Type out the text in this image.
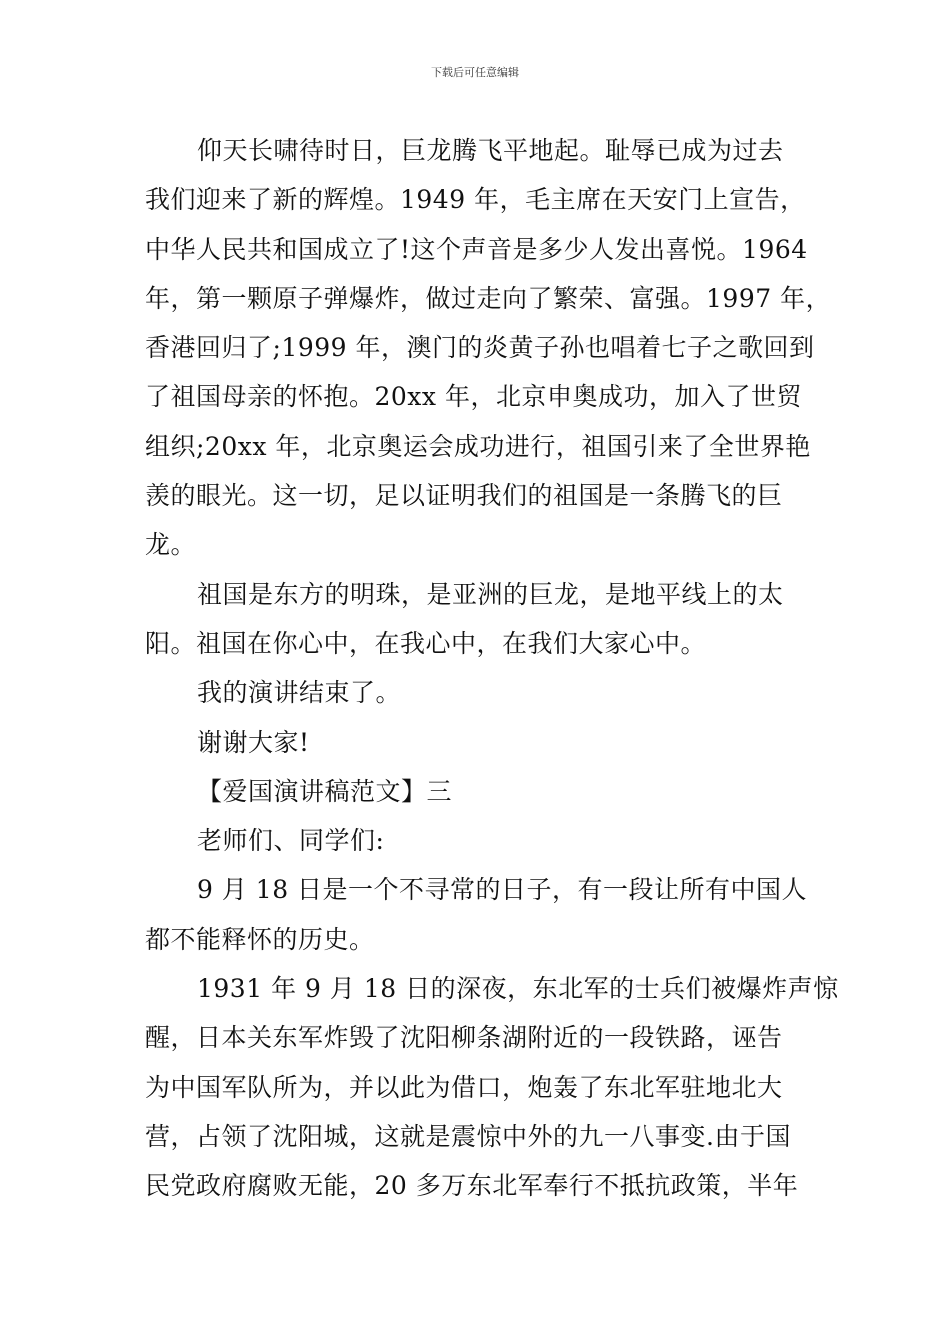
下载后可任意编辑
仰天长啸待时日，巨龙腾飞平地起。耻辱已成为过去
我们迎来了新的辉煌。1949 年，毛主席在天安门上宣告，
中华人民共和国成立了!这个声音是多少人发出喜悦。1964
年，第一颗原子弹爆炸，做过走向了繁荣、富强。1997 年，
香港回归了;1999 年，澳门的炎黄子孙也唱着七子之歌回到
了祖国母亲的怀抱。20xx 年，北京申奥成功，加入了世贸
组织;20xx 年，北京奥运会成功进行，祖国引来了全世界艳
羡的眼光。这一切，足以证明我们的祖国是一条腾飞的巨
龙。
祖国是东方的明珠，是亚洲的巨龙，是地平线上的太
阳。祖国在你心中，在我心中，在我们大家心中。
我的演讲结束了。
谢谢大家!
【爱国演讲稿范文】三
老师们、同学们:
9 月 18 日是一个不寻常的日子，有一段让所有中国人
都不能释怀的历史。
1931 年 9 月 18 日的深夜，东北军的士兵们被爆炸声惊
醒，日本关东军炸毁了沈阳柳条湖附近的一段铁路，诬告
为中国军队所为，并以此为借口，炮轰了东北军驻地北大
营，占领了沈阳城，这就是震惊中外的九一八事变.由于国
民党政府腐败无能，20 多万东北军奉行不抵抗政策，半年
